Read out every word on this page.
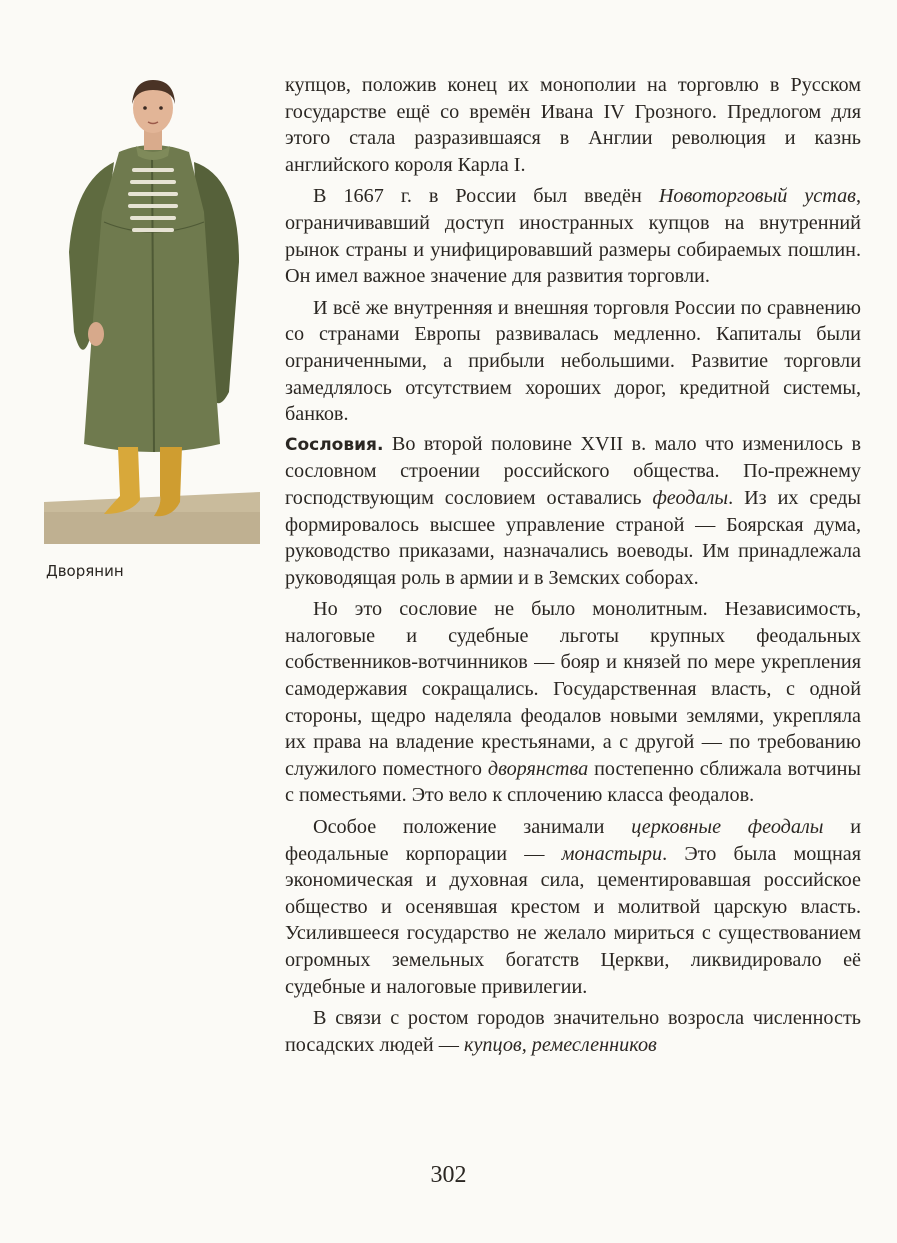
Дворянин

купцов, положив конец их монополии на торговлю в Русском государстве ещё со времён Ивана IV Грозного. Предлогом для этого стала разразившаяся в Англии революция и казнь английского короля Карла I.

В 1667 г. в России был введён Новоторговый устав, ограничивавший доступ иностранных купцов на внутренний рынок страны и унифицировавший размеры собираемых пошлин. Он имел важное значение для развития торговли.

И всё же внутренняя и внешняя торговля России по сравнению со странами Европы развивалась медленно. Капиталы были ограниченными, а прибыли небольшими. Развитие торговли замедлялось отсутствием хороших дорог, кредитной системы, банков.

Сословия. Во второй половине XVII в. мало что изменилось в сословном строении российского общества. По-прежнему господствующим сословием оставались феодалы. Из их среды формировалось высшее управление страной — Боярская дума, руководство приказами, назначались воеводы. Им принадлежала руководящая роль в армии и в Земских соборах.

Но это сословие не было монолитным. Независимость, налоговые и судебные льготы крупных феодальных собственников-вотчинников — бояр и князей по мере укрепления самодержавия сокращались. Государственная власть, с одной стороны, щедро наделяла феодалов новыми землями, укрепляла их права на владение крестьянами, а с другой — по требованию служилого поместного дворянства постепенно сближала вотчины с поместьями. Это вело к сплочению класса феодалов.

Особое положение занимали церковные феодалы и феодальные корпорации — монастыри. Это была мощная экономическая и духовная сила, цементировавшая российское общество и осенявшая крестом и молитвой царскую власть. Усилившееся государство не желало мириться с существованием огромных земельных богатств Церкви, ликвидировало её судебные и налоговые привилегии.

В связи с ростом городов значительно возросла численность посадских людей — купцов, ремесленников

302
